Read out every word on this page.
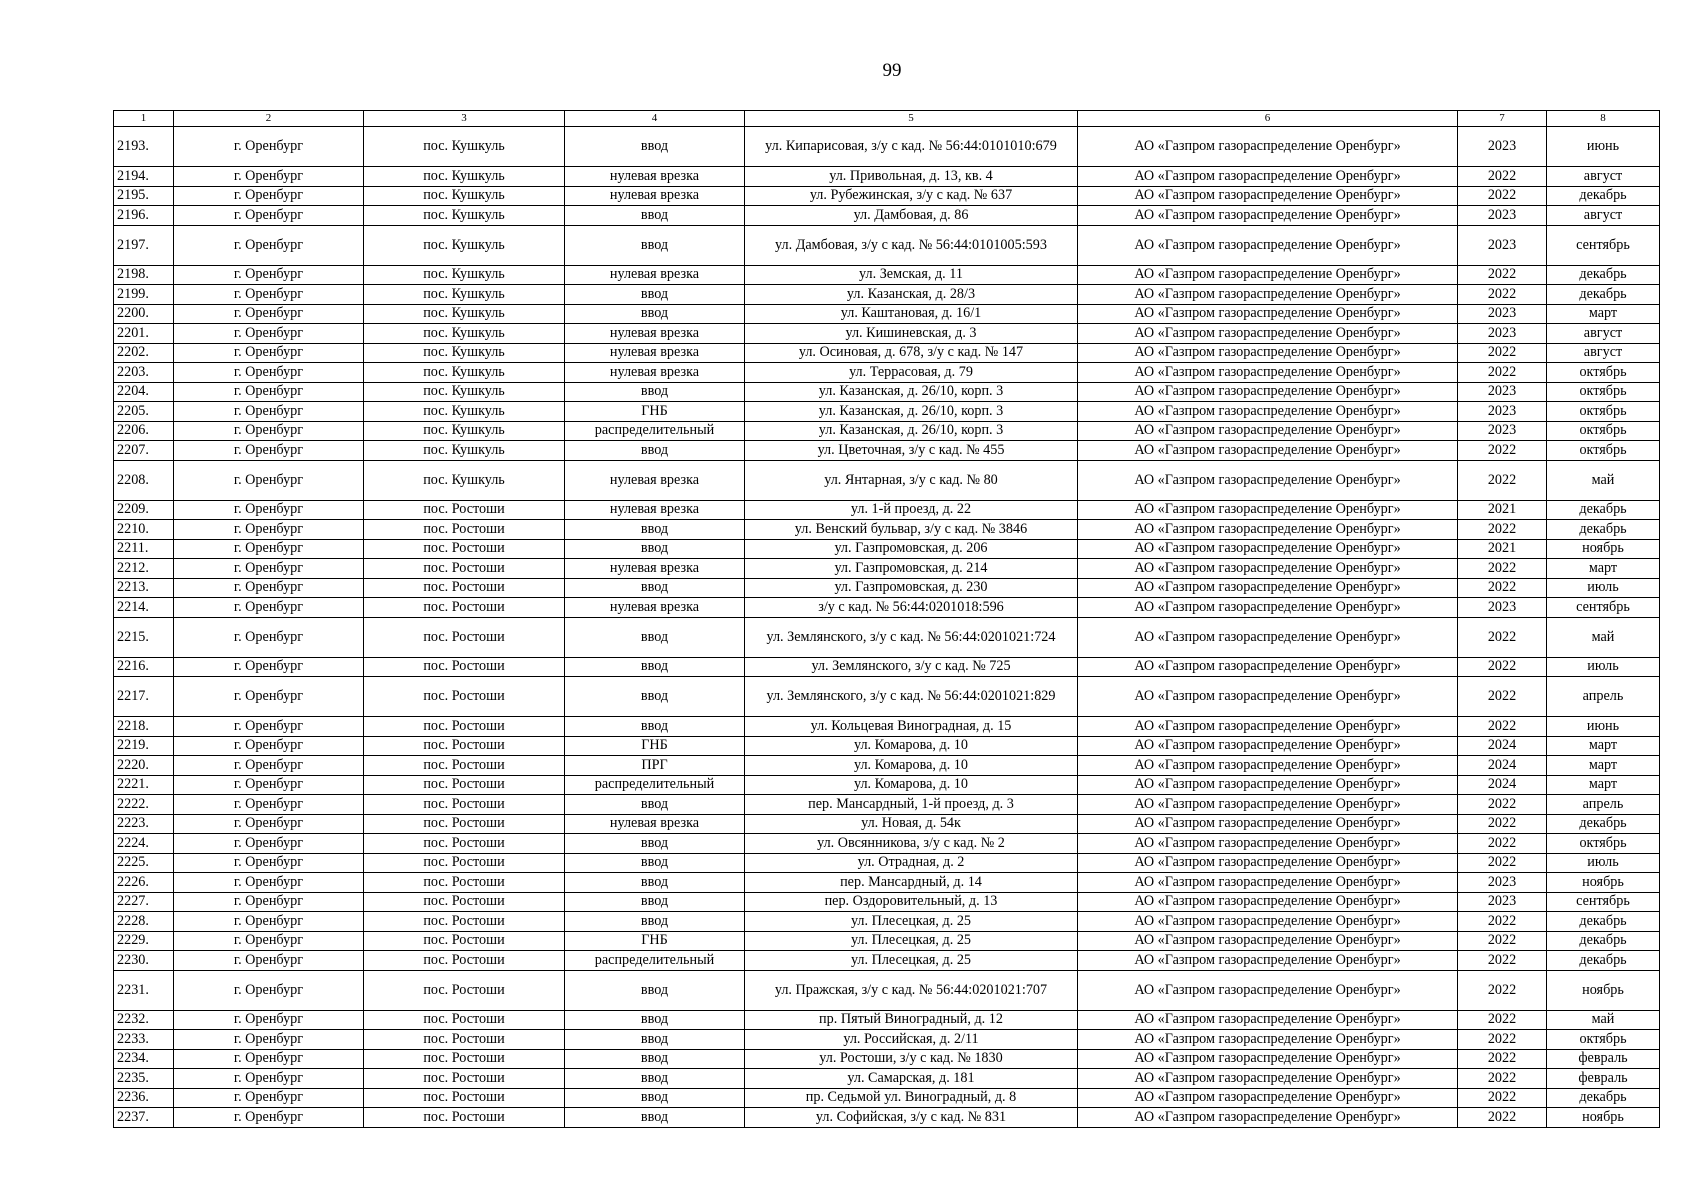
99
1	2	3	4	5	6	7	8
2193.	г. Оренбург	пос. Кушкуль	ввод	ул. Кипарисовая, з/у с кад. № 56:44:0101010:679	АО «Газпром газораспределение Оренбург»	2023	июнь
2194.	г. Оренбург	пос. Кушкуль	нулевая врезка	ул. Привольная, д. 13, кв. 4	АО «Газпром газораспределение Оренбург»	2022	август
2195.	г. Оренбург	пос. Кушкуль	нулевая врезка	ул. Рубежинская, з/у с кад. № 637	АО «Газпром газораспределение Оренбург»	2022	декабрь
2196.	г. Оренбург	пос. Кушкуль	ввод	ул. Дамбовая, д. 86	АО «Газпром газораспределение Оренбург»	2023	август
2197.	г. Оренбург	пос. Кушкуль	ввод	ул. Дамбовая, з/у с кад. № 56:44:0101005:593	АО «Газпром газораспределение Оренбург»	2023	сентябрь
2198.	г. Оренбург	пос. Кушкуль	нулевая врезка	ул. Земская, д. 11	АО «Газпром газораспределение Оренбург»	2022	декабрь
2199.	г. Оренбург	пос. Кушкуль	ввод	ул. Казанская, д. 28/3	АО «Газпром газораспределение Оренбург»	2022	декабрь
2200.	г. Оренбург	пос. Кушкуль	ввод	ул. Каштановая, д. 16/1	АО «Газпром газораспределение Оренбург»	2023	март
2201.	г. Оренбург	пос. Кушкуль	нулевая врезка	ул. Кишиневская, д. 3	АО «Газпром газораспределение Оренбург»	2023	август
2202.	г. Оренбург	пос. Кушкуль	нулевая врезка	ул. Осиновая, д. 678, з/у с кад. № 147	АО «Газпром газораспределение Оренбург»	2022	август
2203.	г. Оренбург	пос. Кушкуль	нулевая врезка	ул. Террасовая, д. 79	АО «Газпром газораспределение Оренбург»	2022	октябрь
2204.	г. Оренбург	пос. Кушкуль	ввод	ул. Казанская, д. 26/10, корп. 3	АО «Газпром газораспределение Оренбург»	2023	октябрь
2205.	г. Оренбург	пос. Кушкуль	ГНБ	ул. Казанская, д. 26/10, корп. 3	АО «Газпром газораспределение Оренбург»	2023	октябрь
2206.	г. Оренбург	пос. Кушкуль	распределительный	ул. Казанская, д. 26/10, корп. 3	АО «Газпром газораспределение Оренбург»	2023	октябрь
2207.	г. Оренбург	пос. Кушкуль	ввод	ул. Цветочная, з/у с кад. № 455	АО «Газпром газораспределение Оренбург»	2022	октябрь
2208.	г. Оренбург	пос. Кушкуль	нулевая врезка	ул. Янтарная, з/у с кад. № 80	АО «Газпром газораспределение Оренбург»	2022	май
2209.	г. Оренбург	пос. Ростоши	нулевая врезка	ул. 1-й проезд, д. 22	АО «Газпром газораспределение Оренбург»	2021	декабрь
2210.	г. Оренбург	пос. Ростоши	ввод	ул. Венский бульвар, з/у с кад. № 3846	АО «Газпром газораспределение Оренбург»	2022	декабрь
2211.	г. Оренбург	пос. Ростоши	ввод	ул. Газпромовская, д. 206	АО «Газпром газораспределение Оренбург»	2021	ноябрь
2212.	г. Оренбург	пос. Ростоши	нулевая врезка	ул. Газпромовская, д. 214	АО «Газпром газораспределение Оренбург»	2022	март
2213.	г. Оренбург	пос. Ростоши	ввод	ул. Газпромовская, д. 230	АО «Газпром газораспределение Оренбург»	2022	июль
2214.	г. Оренбург	пос. Ростоши	нулевая врезка	з/у с кад. № 56:44:0201018:596	АО «Газпром газораспределение Оренбург»	2023	сентябрь
2215.	г. Оренбург	пос. Ростоши	ввод	ул. Землянского, з/у с кад. № 56:44:0201021:724	АО «Газпром газораспределение Оренбург»	2022	май
2216.	г. Оренбург	пос. Ростоши	ввод	ул. Землянского, з/у с кад. № 725	АО «Газпром газораспределение Оренбург»	2022	июль
2217.	г. Оренбург	пос. Ростоши	ввод	ул. Землянского, з/у с кад. № 56:44:0201021:829	АО «Газпром газораспределение Оренбург»	2022	апрель
2218.	г. Оренбург	пос. Ростоши	ввод	ул. Кольцевая Виноградная, д. 15	АО «Газпром газораспределение Оренбург»	2022	июнь
2219.	г. Оренбург	пос. Ростоши	ГНБ	ул. Комарова, д. 10	АО «Газпром газораспределение Оренбург»	2024	март
2220.	г. Оренбург	пос. Ростоши	ПРГ	ул. Комарова, д. 10	АО «Газпром газораспределение Оренбург»	2024	март
2221.	г. Оренбург	пос. Ростоши	распределительный	ул. Комарова, д. 10	АО «Газпром газораспределение Оренбург»	2024	март
2222.	г. Оренбург	пос. Ростоши	ввод	пер. Мансардный, 1-й проезд, д. 3	АО «Газпром газораспределение Оренбург»	2022	апрель
2223.	г. Оренбург	пос. Ростоши	нулевая врезка	ул. Новая, д. 54к	АО «Газпром газораспределение Оренбург»	2022	декабрь
2224.	г. Оренбург	пос. Ростоши	ввод	ул. Овсянникова, з/у с кад. № 2	АО «Газпром газораспределение Оренбург»	2022	октябрь
2225.	г. Оренбург	пос. Ростоши	ввод	ул. Отрадная, д. 2	АО «Газпром газораспределение Оренбург»	2022	июль
2226.	г. Оренбург	пос. Ростоши	ввод	пер. Мансардный, д. 14	АО «Газпром газораспределение Оренбург»	2023	ноябрь
2227.	г. Оренбург	пос. Ростоши	ввод	пер. Оздоровительный, д. 13	АО «Газпром газораспределение Оренбург»	2023	сентябрь
2228.	г. Оренбург	пос. Ростоши	ввод	ул. Плесецкая, д. 25	АО «Газпром газораспределение Оренбург»	2022	декабрь
2229.	г. Оренбург	пос. Ростоши	ГНБ	ул. Плесецкая, д. 25	АО «Газпром газораспределение Оренбург»	2022	декабрь
2230.	г. Оренбург	пос. Ростоши	распределительный	ул. Плесецкая, д. 25	АО «Газпром газораспределение Оренбург»	2022	декабрь
2231.	г. Оренбург	пос. Ростоши	ввод	ул. Пражская, з/у с кад. № 56:44:0201021:707	АО «Газпром газораспределение Оренбург»	2022	ноябрь
2232.	г. Оренбург	пос. Ростоши	ввод	пр. Пятый Виноградный, д. 12	АО «Газпром газораспределение Оренбург»	2022	май
2233.	г. Оренбург	пос. Ростоши	ввод	ул. Российская, д. 2/11	АО «Газпром газораспределение Оренбург»	2022	октябрь
2234.	г. Оренбург	пос. Ростоши	ввод	ул. Ростоши, з/у с кад. № 1830	АО «Газпром газораспределение Оренбург»	2022	февраль
2235.	г. Оренбург	пос. Ростоши	ввод	ул. Самарская, д. 181	АО «Газпром газораспределение Оренбург»	2022	февраль
2236.	г. Оренбург	пос. Ростоши	ввод	пр. Седьмой ул. Виноградный, д. 8	АО «Газпром газораспределение Оренбург»	2022	декабрь
2237.	г. Оренбург	пос. Ростоши	ввод	ул. Софийская, з/у с кад. № 831	АО «Газпром газораспределение Оренбург»	2022	ноябрь
